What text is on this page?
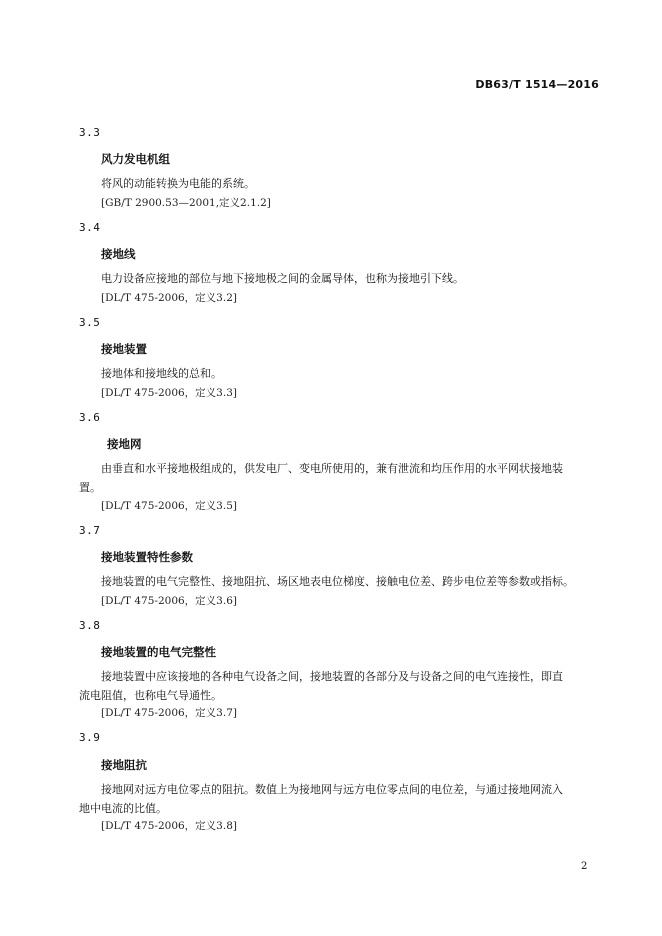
DB63/T 1514—2016
3.3
风力发电机组
将风的动能转换为电能的系统。
[GB/T 2900.53—2001,定义2.1.2]
3.4
接地线
电力设备应接地的部位与地下接地极之间的金属导体，也称为接地引下线。
[DL/T 475-2006，定义3.2]
3.5
接地装置
接地体和接地线的总和。
[DL/T 475-2006，定义3.3]
3.6
接地网
由垂直和水平接地极组成的，供发电厂、变电所使用的，兼有泄流和均压作用的水平网状接地装
置。
[DL/T 475-2006，定义3.5]
3.7
接地装置特性参数
接地装置的电气完整性、接地阻抗、场区地表电位梯度、接触电位差、跨步电位差等参数或指标。
[DL/T 475-2006，定义3.6]
3.8
接地装置的电气完整性
接地装置中应该接地的各种电气设备之间，接地装置的各部分及与设备之间的电气连接性，即直
流电阻值，也称电气导通性。
[DL/T 475-2006，定义3.7]
3.9
接地阻抗
接地网对远方电位零点的阻抗。数值上为接地网与远方电位零点间的电位差，与通过接地网流入
地中电流的比值。
[DL/T 475-2006，定义3.8]
2
